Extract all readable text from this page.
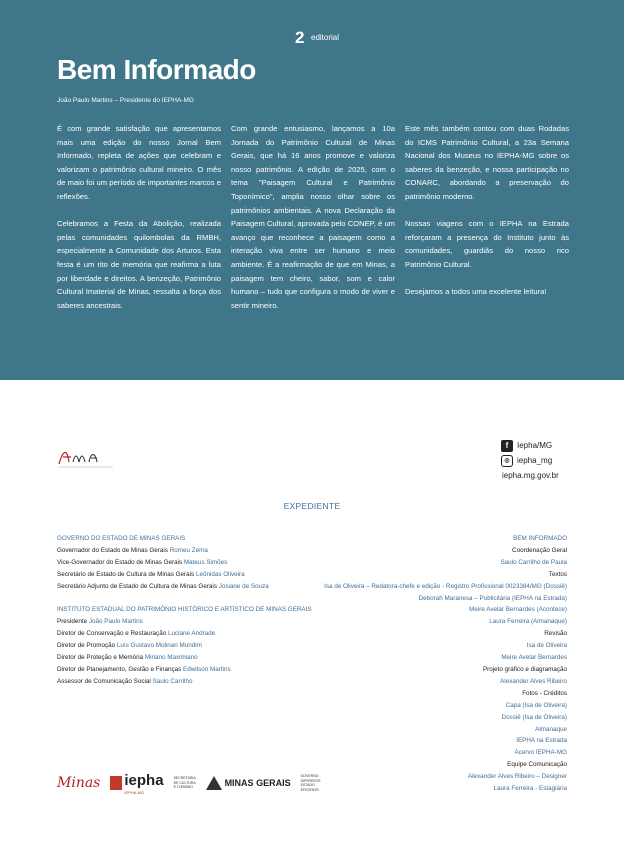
2 editorial
Bem Informado
João Paulo Martins – Presidente do IEPHA-MG

É com grande satisfação que apresentamos mais uma edição do nosso Jornal Bem Informado, repleta de ações que celebram e valorizam o patrimônio cultural mineiro. O mês de maio foi um período de importantes marcos e reflexões.

Celebramos a Festa da Abolição, realizada pelas comunidades quilombolas da RMBH, especialmente a Comunidade dos Arturos. Esta festa é um rito de memória que reafirma a luta por liberdade e direitos. A benzeção, Patrimônio Cultural Imaterial de Minas, ressalta a força dos saberes ancestrais.

Com grande entusiasmo, lançamos a 10a Jornada do Patrimônio Cultural de Minas Gerais, que há 16 anos promove e valoriza nosso patrimônio. A edição de 2025, com o tema "Paisagem Cultural e Patrimônio Toponímico", amplia nosso olhar sobre os patrimônios ambientais. A nova Declaração da Paisagem Cultural, aprovada pelo CONEP, é um avanço que reconhece a paisagem como a interação viva entre ser humano e meio ambiente. É a reafirmação de que em Minas, a paisagem tem cheiro, sabor, som e calor humano – tudo que configura o modo de viver e sentir mineiro.

Este mês também contou com duas Rodadas do ICMS Patrimônio Cultural, a 23a Semana Nacional dos Museus no IEPHA-MG sobre os saberes da benzeção, e nossa participação no CONARC, abordando a preservação do patrimônio moderno.

Nossas viagens com o IEPHA na Estrada reforçaram a presença do Instituto junto às comunidades, guardiãs do nosso rico Patrimônio Cultural.

Desejamos a todos uma excelente leitura!

f	Iepha/MG
◎ iepha_mg
iepha.mg.gov.br
EXPEDIENTE
GOVERNO DO ESTADO DE MINAS GERAIS
Governador do Estado de Minas Gerais Romeu Zema
Vice-Governador do Estado de Minas Gerais Mateus Simões
Secretário de Estado de Cultura de Minas Gerais Leônidas Oliveira
Secretário Adjunto de Estado de Cultura de Minas Gerais Josiane de Souza
INSTITUTO ESTADUAL DO PATRIMÔNIO HISTÓRICO E ARTÍSTICO DE MINAS GERAIS
Presidente João Paulo Martins
Diretor de Conservação e Restauração Luciane Andrade
Diretor de Promoção Luís Gustavo Molinari Mundim
Diretor de Proteção e Memória Miriano Maximiano
Diretor de Planejamento, Gestão e Finanças Edwilson Martins
Assessor de Comunicação Social Saulo Carrilho
BEM INFORMADO
Coordenação Geral
Saulo Carrilho de Paula
Textos
Isa de Oliveira – Redatora-chefe e edição - Registro Profissional 0023384/MG (Dossiê)
Deborah Maranesa – Publicitária (IEPHA na Estrada)
Meire Avelar Bernardes (Acontece)
Laura Ferreira (Almanaque)
Revisão
Isa de Oliveira
Meire Avelar Bernardes
Projeto gráfico e diagramação
Alexander Alves Ribeiro
Fotos - Créditos
Capa (Isa de Oliveira)
Dossiê (Isa de Oliveira)
Almanaque
IEPHA na Estrada
Acervo IEPHA-MG
Equipe Comunicação
Alexander Alves Ribeiro – Designer
Laura Ferreira - Estagiária
Minas iepha
IEPHA-MG
SECRETARIA DE CULTURA E TURISMO	MINAS GERAIS
GOVERNO DIFERENTE. ESTADO EFICIENTE.
